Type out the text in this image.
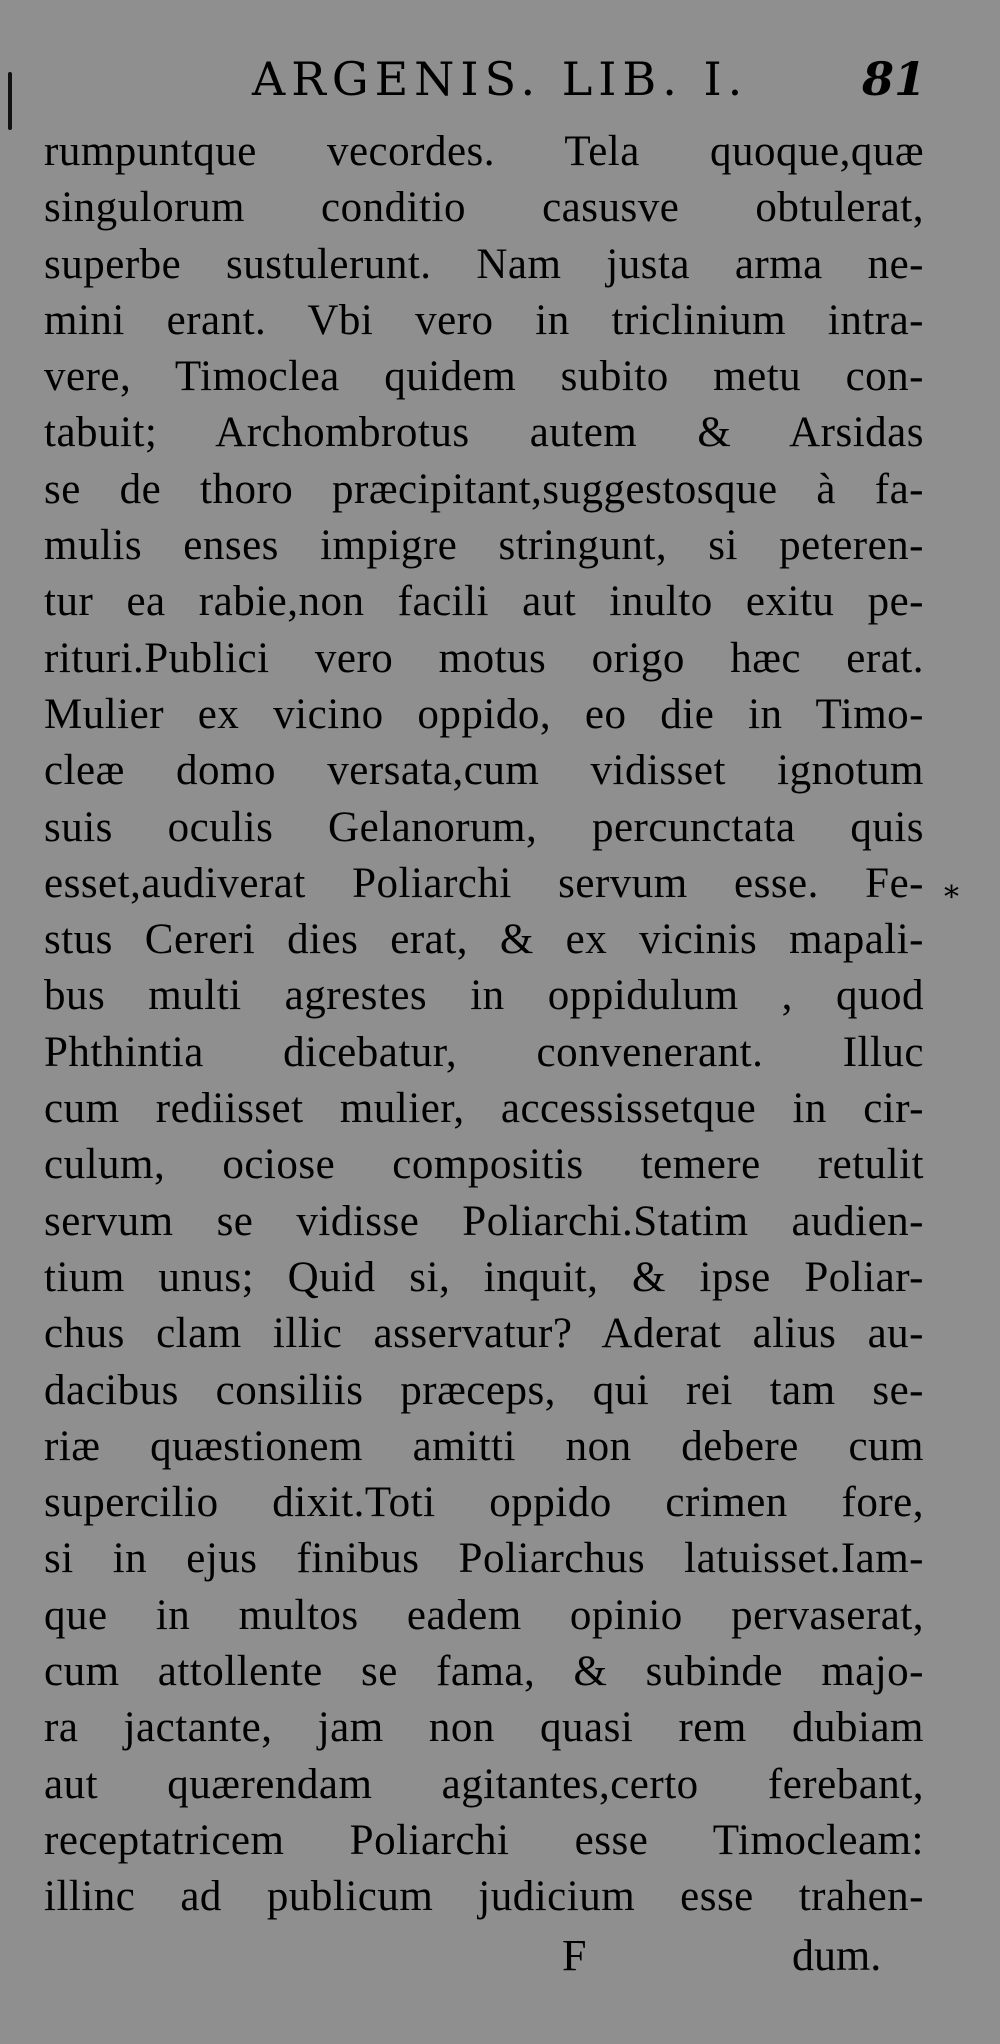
ARGENIS. LIB. I. 81
rumpuntque vecordes. Tela quoque,quæ
singulorum conditio casusve obtulerat,
superbe sustulerunt. Nam justa arma ne-
mini erant. Vbi vero in triclinium intra-
vere, Timoclea quidem subito metu con-
tabuit; Archombrotus autem & Arsidas
se de thoro præcipitant,suggestosque à fa-
mulis enses impigre stringunt, si peteren-
tur ea rabie,non facili aut inulto exitu pe-
rituri.Publici vero motus origo hæc erat.
Mulier ex vicino oppido, eo die in Timo-
cleæ domo versata,cum vidisset ignotum
suis oculis Gelanorum, percunctata quis
esset,audiverat Poliarchi servum esse. Fe-
stus Cereri dies erat, & ex vicinis mapali-
bus multi agrestes in oppidulum , quod
Phthintia dicebatur, convenerant. Illuc
cum rediisset mulier, accessissetque in cir-
culum, ociose compositis temere retulit
servum se vidisse Poliarchi.Statim audien-
tium unus; Quid si, inquit, & ipse Poliar-
chus clam illic asservatur? Aderat alius au-
dacibus consiliis præceps, qui rei tam se-
riæ quæstionem amitti non debere cum
supercilio dixit.Toti oppido crimen fore,
si in ejus finibus Poliarchus latuisset.Iam-
que in multos eadem opinio pervaserat,
cum attollente se fama, & subinde majo-
ra jactante, jam non quasi rem dubiam
aut quærendam agitantes,certo ferebant,
receptatricem Poliarchi esse Timocleam:
illinc ad publicum judicium esse trahen-
*
F	dum.
